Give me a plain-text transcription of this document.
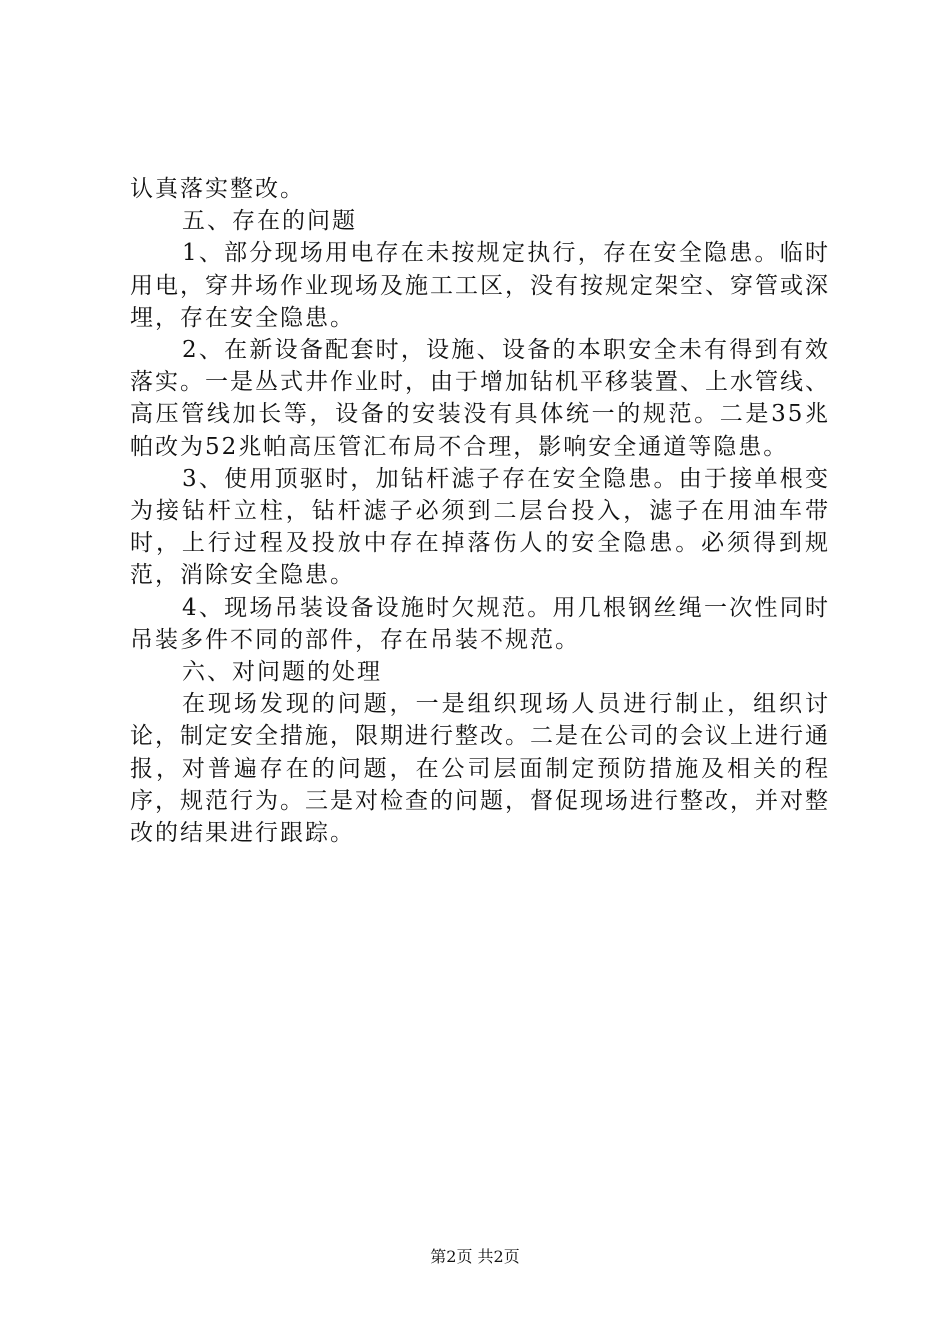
认真落实整改。

五、存在的问题

1、部分现场用电存在未按规定执行，存在安全隐患。临时用电，穿井场作业现场及施工工区，没有按规定架空、穿管或深埋，存在安全隐患。

2、在新设备配套时，设施、设备的本职安全未有得到有效落实。一是丛式井作业时，由于增加钻机平移装置、上水管线、高压管线加长等，设备的安装没有具体统一的规范。二是35兆帕改为52兆帕高压管汇布局不合理，影响安全通道等隐患。

3、使用顶驱时，加钻杆滤子存在安全隐患。由于接单根变为接钻杆立柱，钻杆滤子必须到二层台投入，滤子在用油车带时，上行过程及投放中存在掉落伤人的安全隐患。必须得到规范，消除安全隐患。

4、现场吊装设备设施时欠规范。用几根钢丝绳一次性同时吊装多件不同的部件，存在吊装不规范。

六、对问题的处理

在现场发现的问题，一是组织现场人员进行制止，组织讨论，制定安全措施，限期进行整改。二是在公司的会议上进行通报，对普遍存在的问题，在公司层面制定预防措施及相关的程序，规范行为。三是对检查的问题，督促现场进行整改，并对整改的结果进行跟踪。

第2页 共2页
